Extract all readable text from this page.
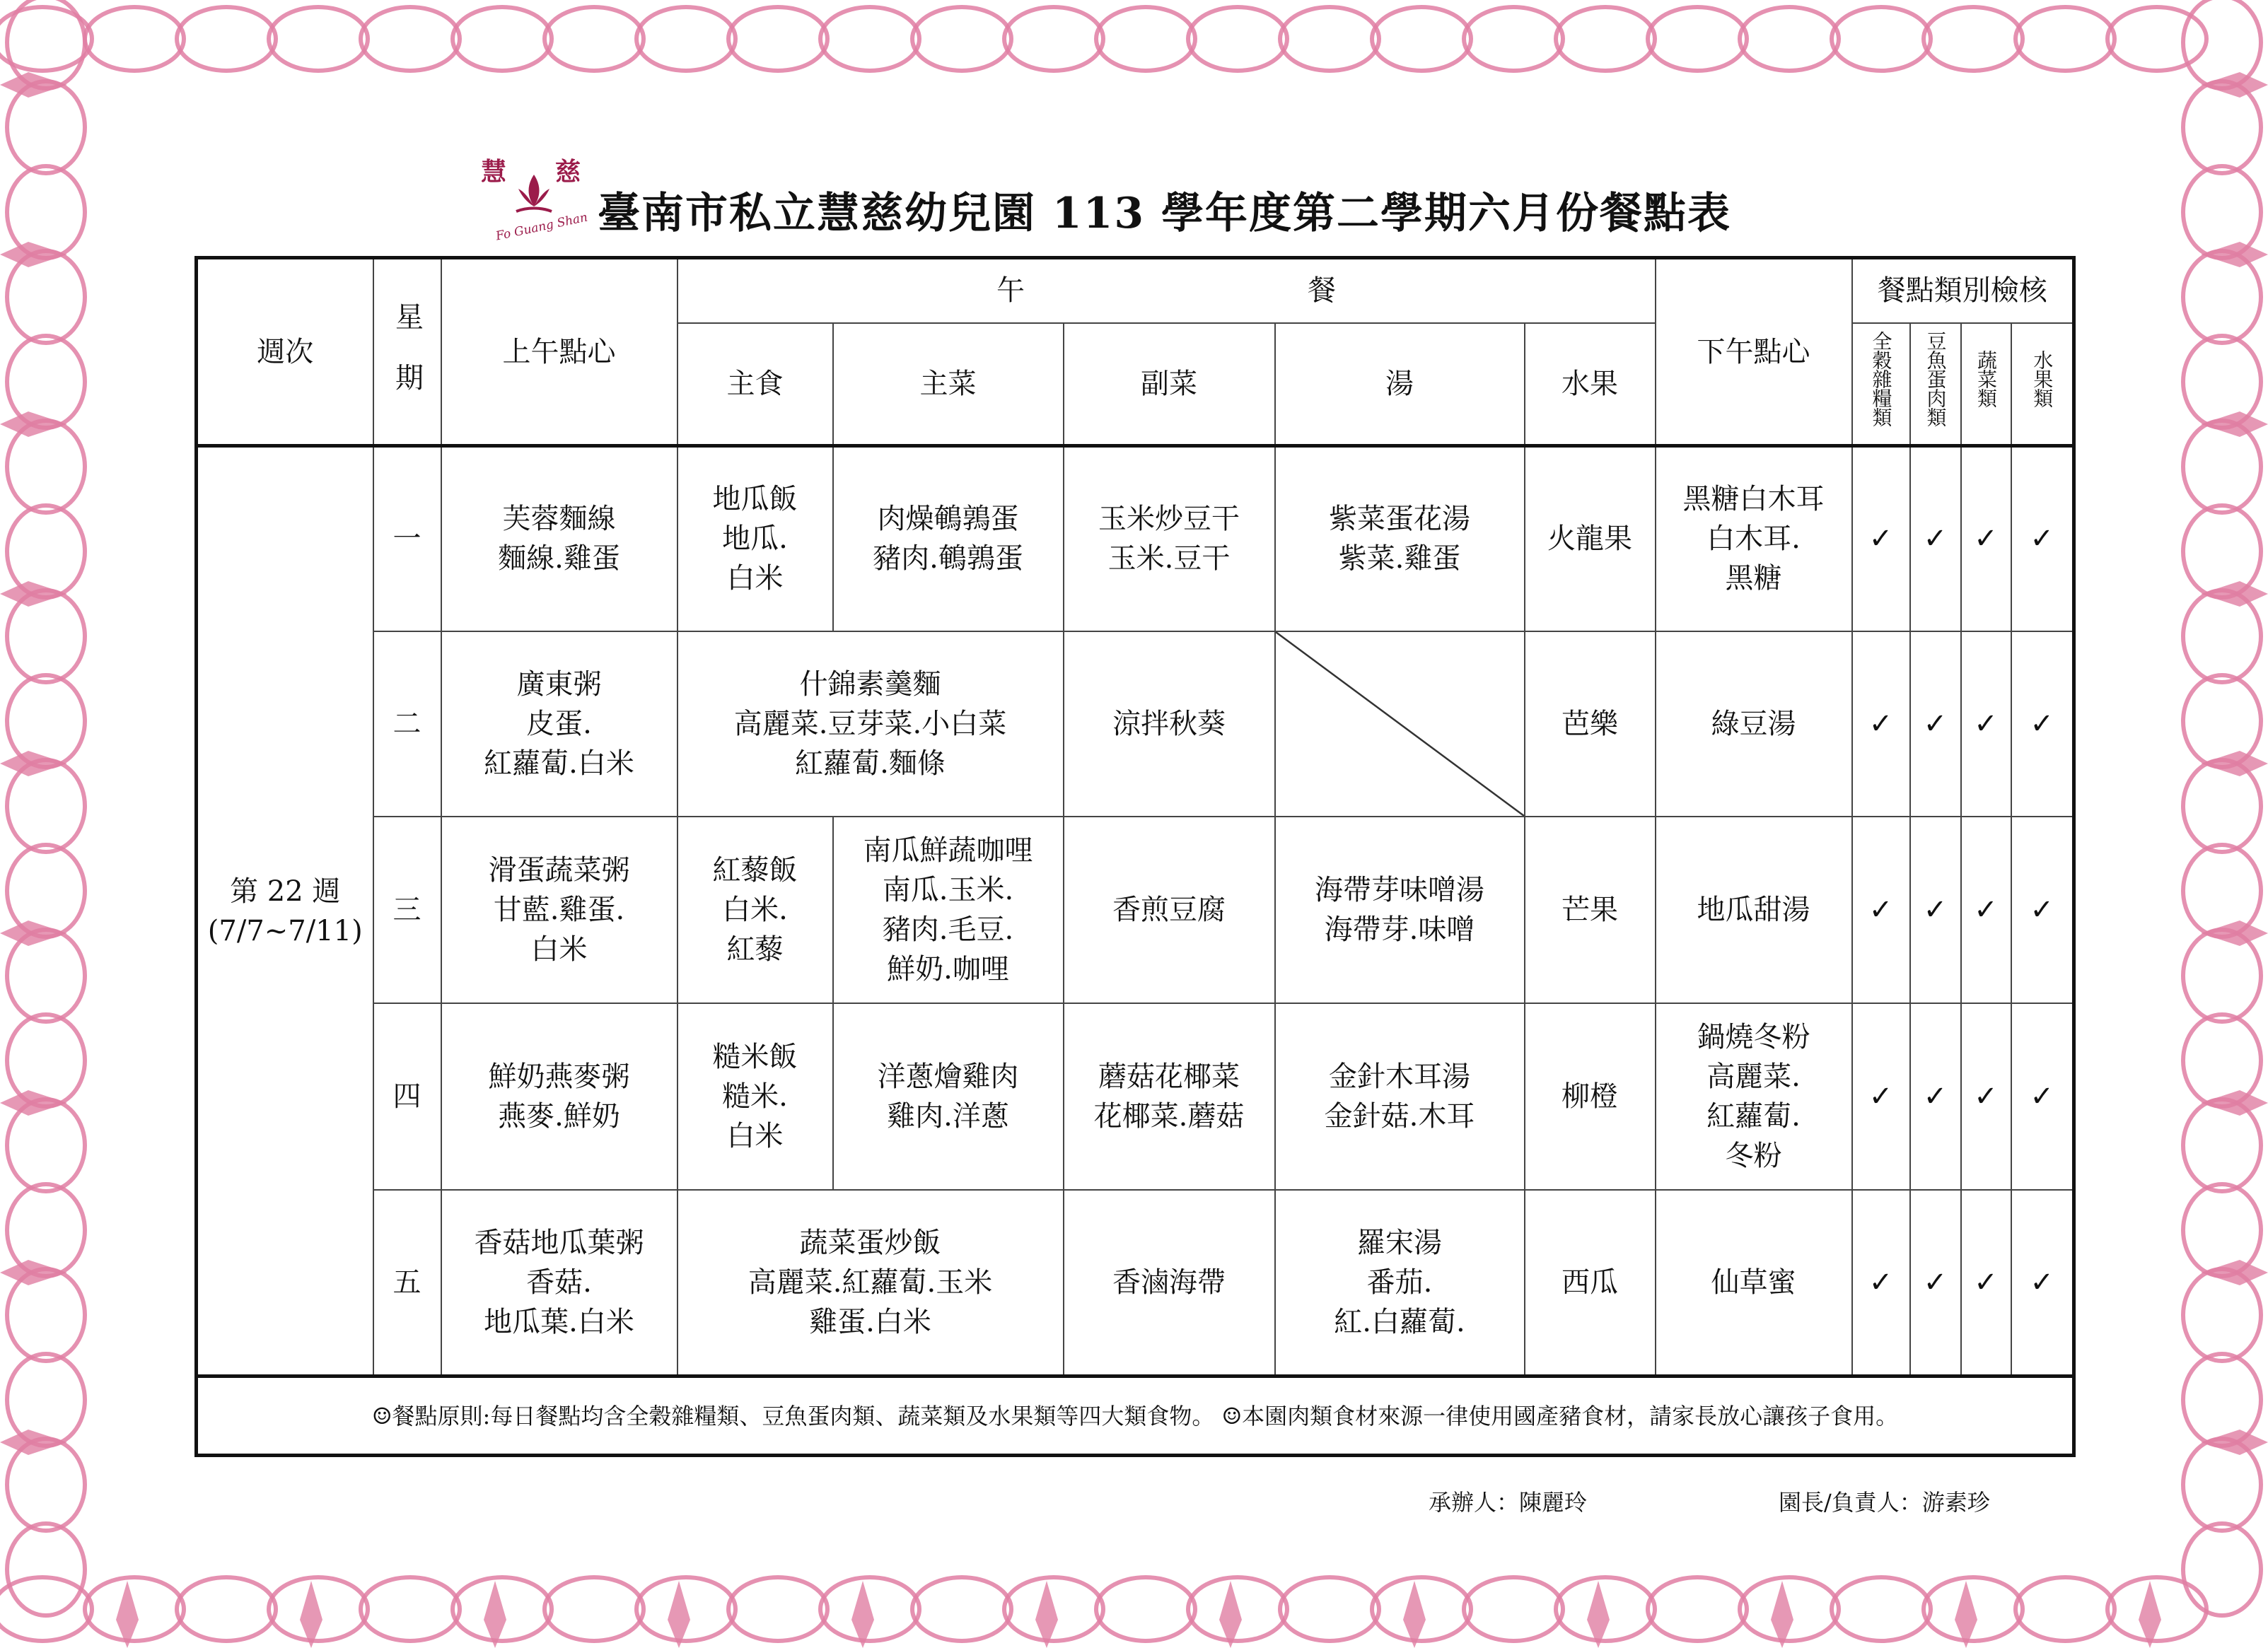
慧 慈
Fo Guang Shan 臺南市私立慧慈幼兒園 113 學年度第二學期六月份餐點表
週次	星 期	上午點心	午　　　　　　　　　　餐					下午點心	餐點類別檢核			
			主食	主菜	副菜	湯	水果		全穀雜糧類	豆魚蛋肉類	蔬菜類	水果類
第 22 週
(7/7~7/11)	一	芙蓉麵線
麵線.雞蛋	地瓜飯
地瓜.
白米	肉燥鵪鶉蛋
豬肉.鵪鶉蛋	玉米炒豆干
玉米.豆干	紫菜蛋花湯
紫菜.雞蛋	火龍果	黑糖白木耳
白木耳.
黑糖	✓	✓	✓	✓
	二	廣東粥
皮蛋.
紅蘿蔔.白米	什錦素羹麵
高麗菜.豆芽菜.小白菜
紅蘿蔔.麵條		涼拌秋葵		芭樂	綠豆湯	✓	✓	✓	✓
	三	滑蛋蔬菜粥
甘藍.雞蛋.
白米	紅藜飯
白米.
紅藜	南瓜鮮蔬咖哩
南瓜.玉米.
豬肉.毛豆.
鮮奶.咖哩	香煎豆腐	海帶芽味噌湯
海帶芽.味噌	芒果	地瓜甜湯	✓	✓	✓	✓
	四	鮮奶燕麥粥
燕麥.鮮奶	糙米飯
糙米.
白米	洋蔥燴雞肉
雞肉.洋蔥	蘑菇花椰菜
花椰菜.蘑菇	金針木耳湯
金針菇.木耳	柳橙	鍋燒冬粉
高麗菜.
紅蘿蔔.
冬粉	✓	✓	✓	✓
	五	香菇地瓜葉粥
香菇.
地瓜葉.白米	蔬菜蛋炒飯
高麗菜.紅蘿蔔.玉米
雞蛋.白米		香滷海帶	羅宋湯
番茄.
紅.白蘿蔔.	西瓜	仙草蜜	✓	✓	✓	✓
☺餐點原則:每日餐點均含全穀雜糧類、豆魚蛋肉類、蔬菜類及水果類等四大類食物。 ☺本園肉類食材來源一律使用國產豬食材，請家長放心讓孩子食用。												
承辦人：陳麗玲	園長/負責人：游素珍
